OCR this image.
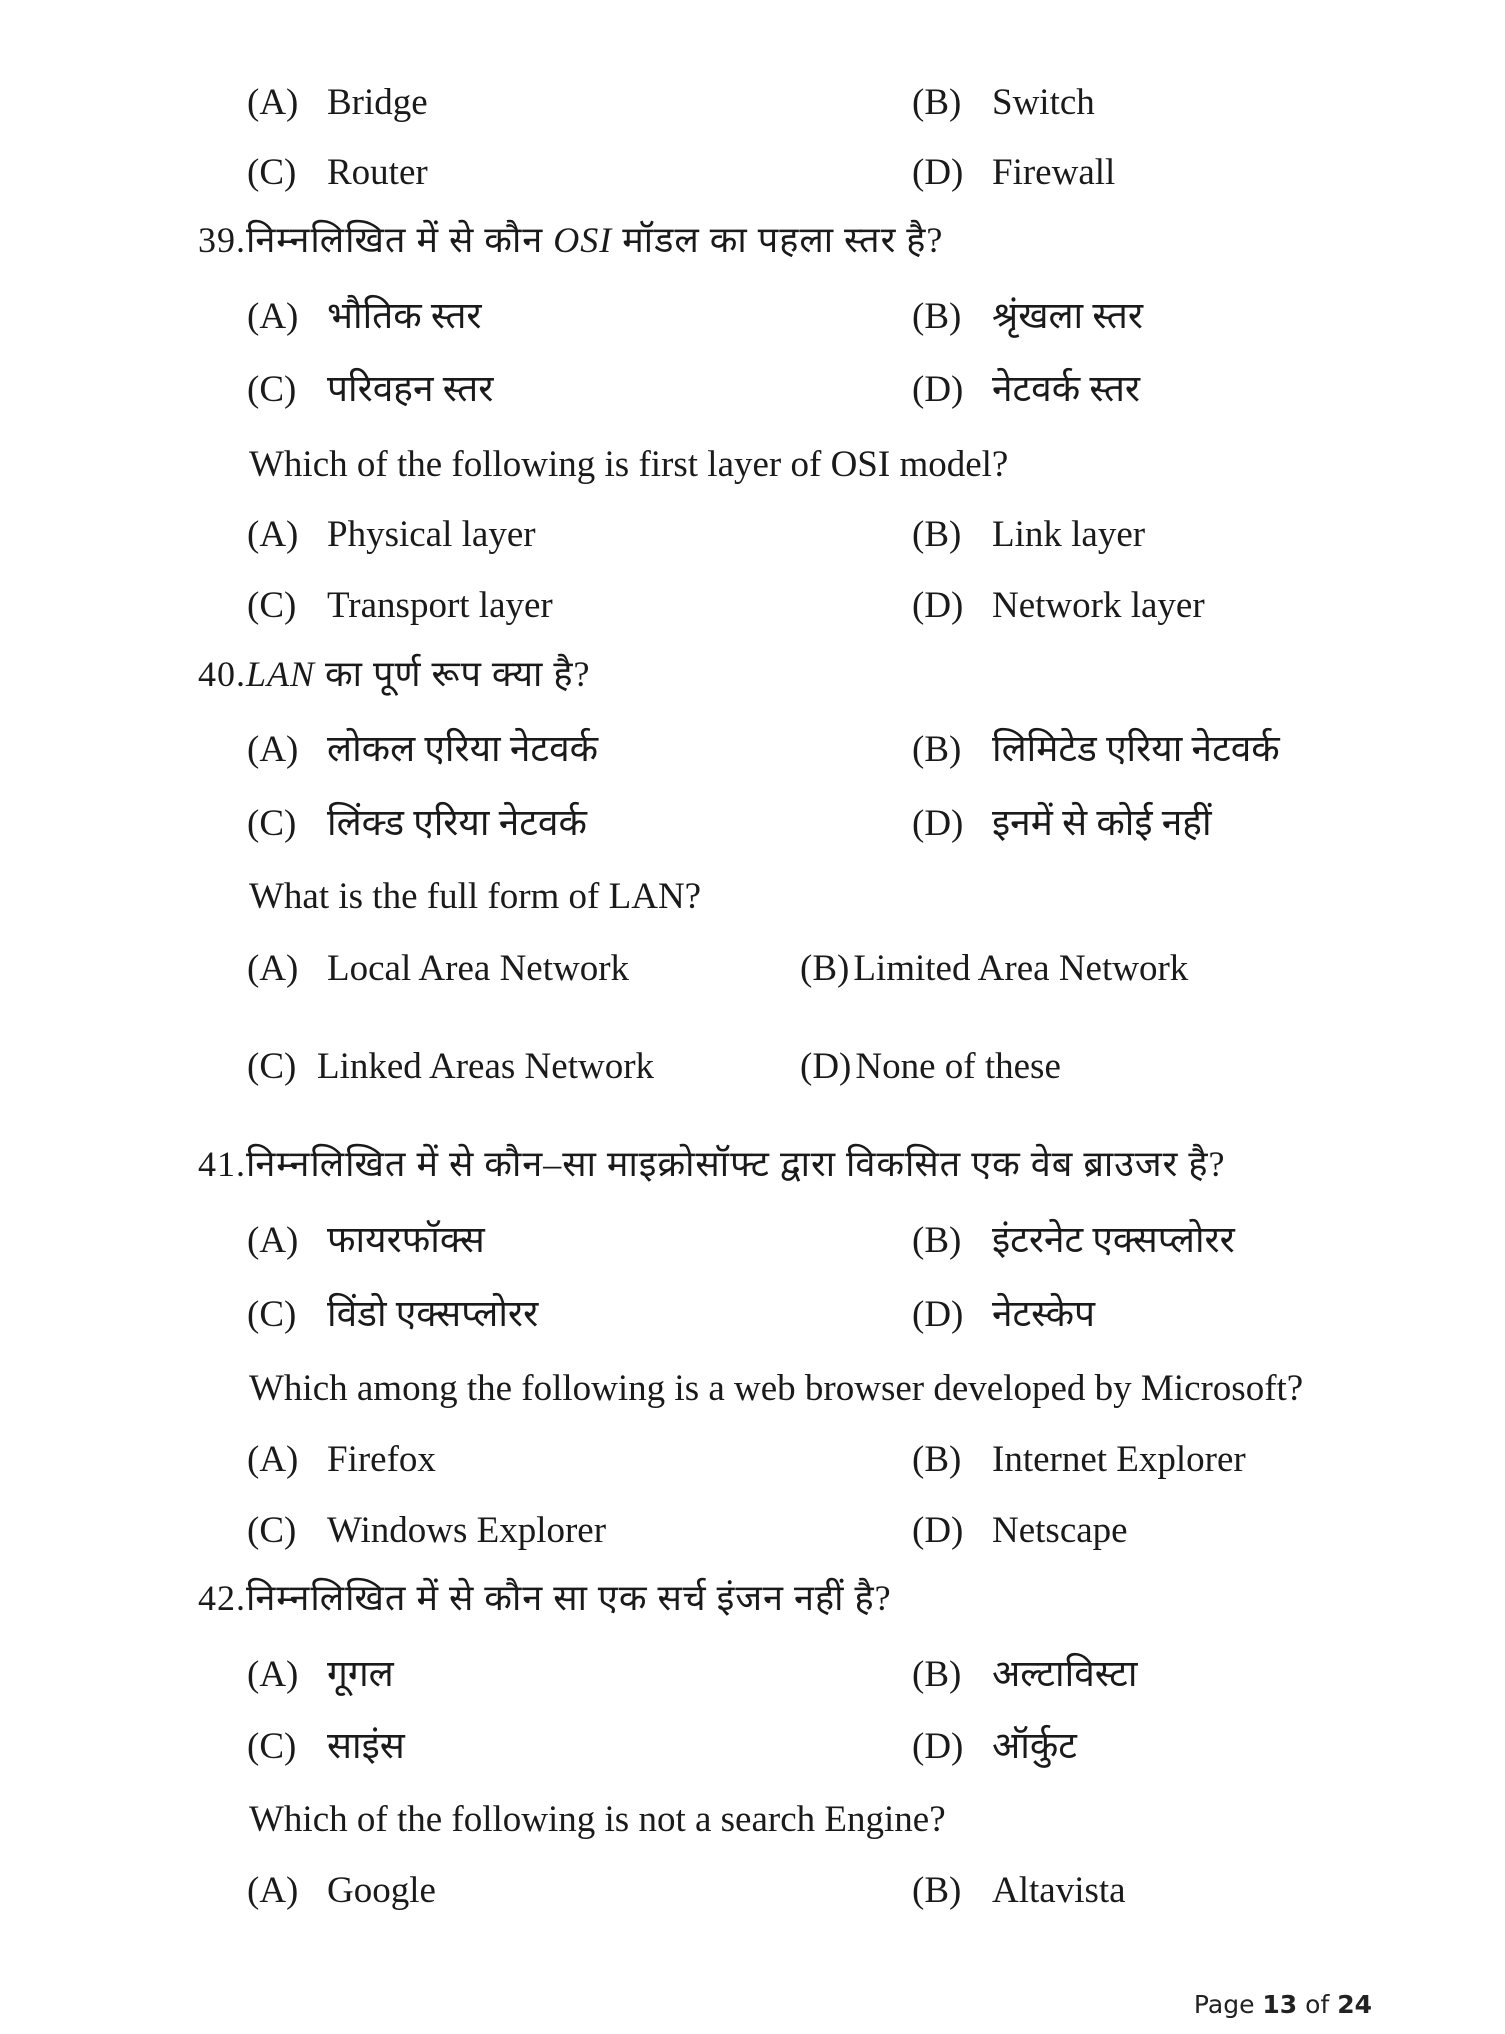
(A) Bridge	(B) Switch
(C) Router	(D) Firewall
39.निम्नलिखित में से कौन OSI मॉडल का पहला स्तर है?
(A) भौतिक स्तर	(B) श्रृंखला स्तर
(C) परिवहन स्तर	(D) नेटवर्क स्तर
Which of the following is first layer of OSI model?
(A) Physical layer	(B) Link layer
(C) Transport layer	(D) Network layer
40.LAN का पूर्ण रूप क्या है?
(A) लोकल एरिया नेटवर्क	(B) लिमिटेड एरिया नेटवर्क
(C) लिंक्ड एरिया नेटवर्क	(D) इनमें से कोई नहीं
What is the full form of LAN?
(A) Local Area Network	(B) Limited Area Network
(C) Linked Areas Network	(D) None of these
41.निम्नलिखित में से कौन–सा माइक्रोसॉफ्ट द्वारा विकसित एक वेब ब्राउजर है?
(A) फायरफॉक्स	(B) इंटरनेट एक्सप्लोरर
(C) विंडो एक्सप्लोरर	(D) नेटस्केप
Which among the following is a web browser developed by Microsoft?
(A) Firefox	(B) Internet Explorer
(C) Windows Explorer	(D) Netscape
42.निम्नलिखित में से कौन सा एक सर्च इंजन नहीं है?
(A) गूगल	(B) अल्टाविस्टा
(C) साइंस	(D) ऑर्कुट
Which of the following is not a search Engine?
(A) Google	(B) Altavista
Page 13 of 24
